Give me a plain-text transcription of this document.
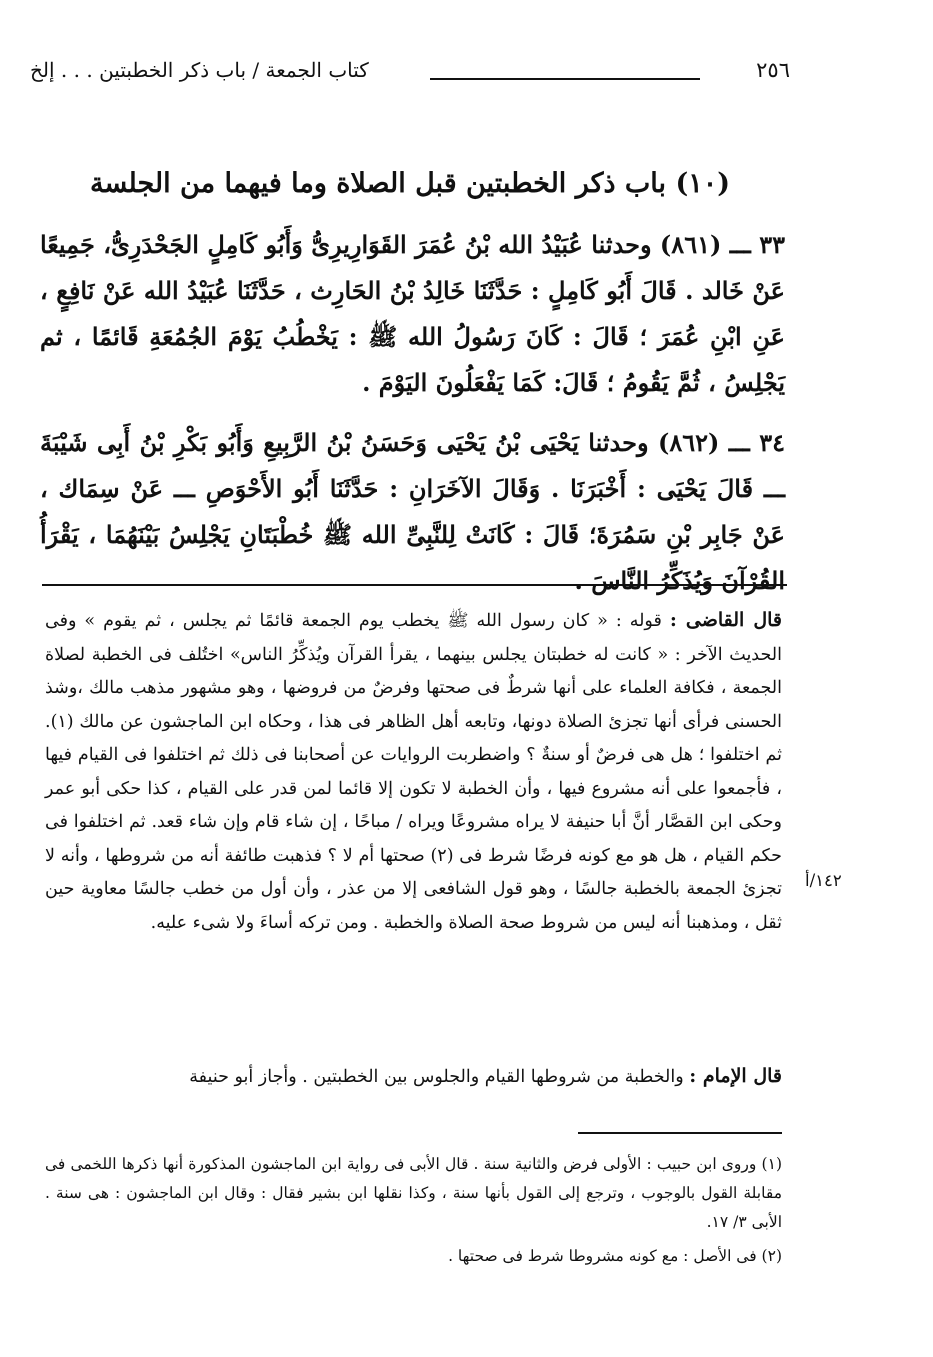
٢٥٦
كتاب الجمعة / باب ذكر الخطبتين . . . إلخ
(١٠) باب ذكر الخطبتين قبل الصلاة وما فيهما من الجلسة
٣٣ ـــ (٨٦١) وحدثنا عُبَيْدُ الله بْنُ عُمَرَ القَوَارِيرِىُّ وَأَبُو كَامِلٍ الجَحْدَرِىُّ، جَمِيعًا عَنْ خَالد . قَالَ أَبُو كَامِلٍ : حَدَّثَنَا خَالِدُ بْنُ الحَارِث ، حَدَّثَنَا عُبَيْدُ الله عَنْ نَافِعٍ ، عَنِ ابْنِ عُمَرَ ؛ قَالَ : كَانَ رَسُولُ الله ﷺ : يَخْطُبُ يَوْمَ الجُمُعَةِ قَائمًا ، ثم يَجْلِسُ ، ثُمَّ يَقُومُ ؛ قَالَ: كَمَا يَفْعَلُونَ اليَوْمَ .
٣٤ ـــ (٨٦٢) وحدثنا يَحْيَى بْنُ يَحْيَى وَحَسَنُ بْنُ الرَّبِيعِ وَأَبُو بَكْرِ بْنُ أَبِى شَيْبَةَ ـــ قَالَ يَحْيَى : أَخْبَرَنَا . وَقَالَ الآخَرَانِ : حَدَّثَنَا أَبُو الأَحْوَصِ ـــ عَنْ سِمَاك ، عَنْ جَابِر بْنِ سَمُرَةَ؛ قَالَ : كَانَتْ لِلنَّبِىِّ الله ﷺ خُطْبَتَانِ يَجْلِسُ بَيْنَهُمَا ، يَقْرَأُ القُرْآنَ وَيُذَكِّرُ النَّاسَ .
قال القاضى : قوله : « كان رسول الله ﷺ يخطب يوم الجمعة قائمًا ثم يجلس ، ثم يقوم » وفى الحديث الآخر : « كانت له خطبتان يجلس بينهما ، يقرأ القرآن ويُذكِّرُ الناس» اختُلف فى الخطبة لصلاة الجمعة ، فكافة العلماء على أنها شرطٌ فى صحتها وفرضٌ من فروضها ، وهو مشهور مذهب مالك ،وشذ الحسنى فرأى أنها تجزئ الصلاة دونها، وتابعه أهل الظاهر فى هذا ، وحكاه ابن الماجشون عن مالك (١). ثم اختلفوا ؛ هل هى فرضٌ أو سنةٌ ؟ واضطربت الروايات عن أصحابنا فى ذلك ثم اختلفوا فى القيام فيها ، فأجمعوا على أنه مشروع فيها ، وأن الخطبة لا تكون إلا قائما لمن قدر على القيام ، كذا حكى أبو عمر وحكى ابن القصَّار أنَّ أبا حنيفة لا يراه مشروعًا ويراه / مباحًا ، إن شاء قام وإن شاء قعد. ثم اختلفوا فى حكم القيام ، هل هو مع كونه فرضًا شرط فى (٢) صحتها أم لا ؟ فذهبت طائفة أنه من شروطها ، وأنه لا تجزئ الجمعة بالخطبة جالسًا ، وهو قول الشافعى إلا من عذر ، وأن أول من خطب جالسًا معاوية حين ثقل ، ومذهبنا أنه ليس من شروط صحة الصلاة والخطبة . ومن تركه أساءَ ولا شىء عليه.
١٤٢/أ
قال الإمام : والخطبة من شروطها القيام والجلوس بين الخطبتين . وأجاز أبو حنيفة
(١) وروى ابن حبيب : الأولى فرض والثانية سنة . قال الأبى فى رواية ابن الماجشون المذكورة أنها ذكرها اللخمى فى مقابلة القول بالوجوب ، وترجع إلى القول بأنها سنة ، وكذا نقلها ابن بشير فقال : وقال ابن الماجشون : هى سنة . الأبى ٣/ ١٧.
(٢) فى الأصل : مع كونه مشروطا شرط فى صحتها .
